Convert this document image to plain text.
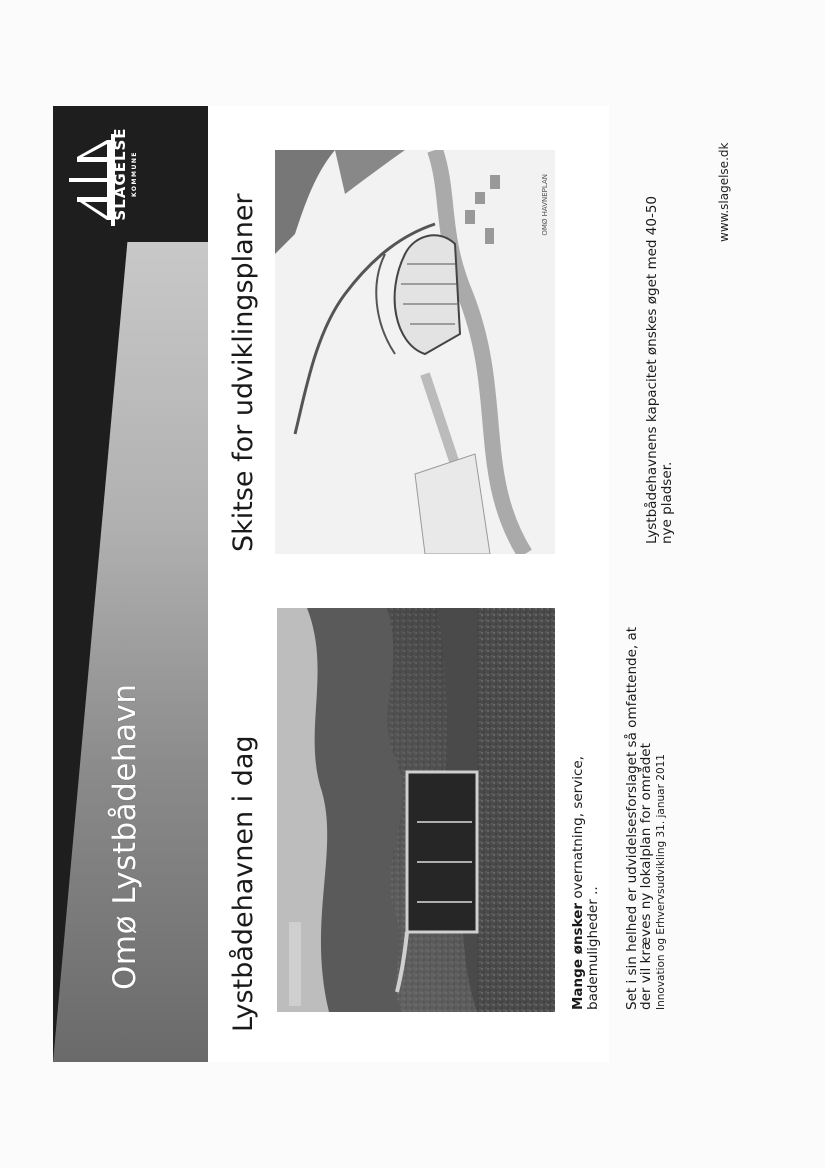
Omø Lystbådehavn
SLAGELSE KOMMUNE
Lystbådehavnen i dag
Skitse for udviklingsplaner	OMØ HAVNEPLAN
Mange ønsker overnatning, service,
bademuligheder .. Set i sin helhed er udvidelsesforslaget så omfattende, at
der vil kræves ny lokalplan for området Innovation og Erhvervsudvikling 31. januar 2011
Lystbådehavnens kapacitet ønskes øget med 40-50
nye pladser.
www.slagelse.dk
